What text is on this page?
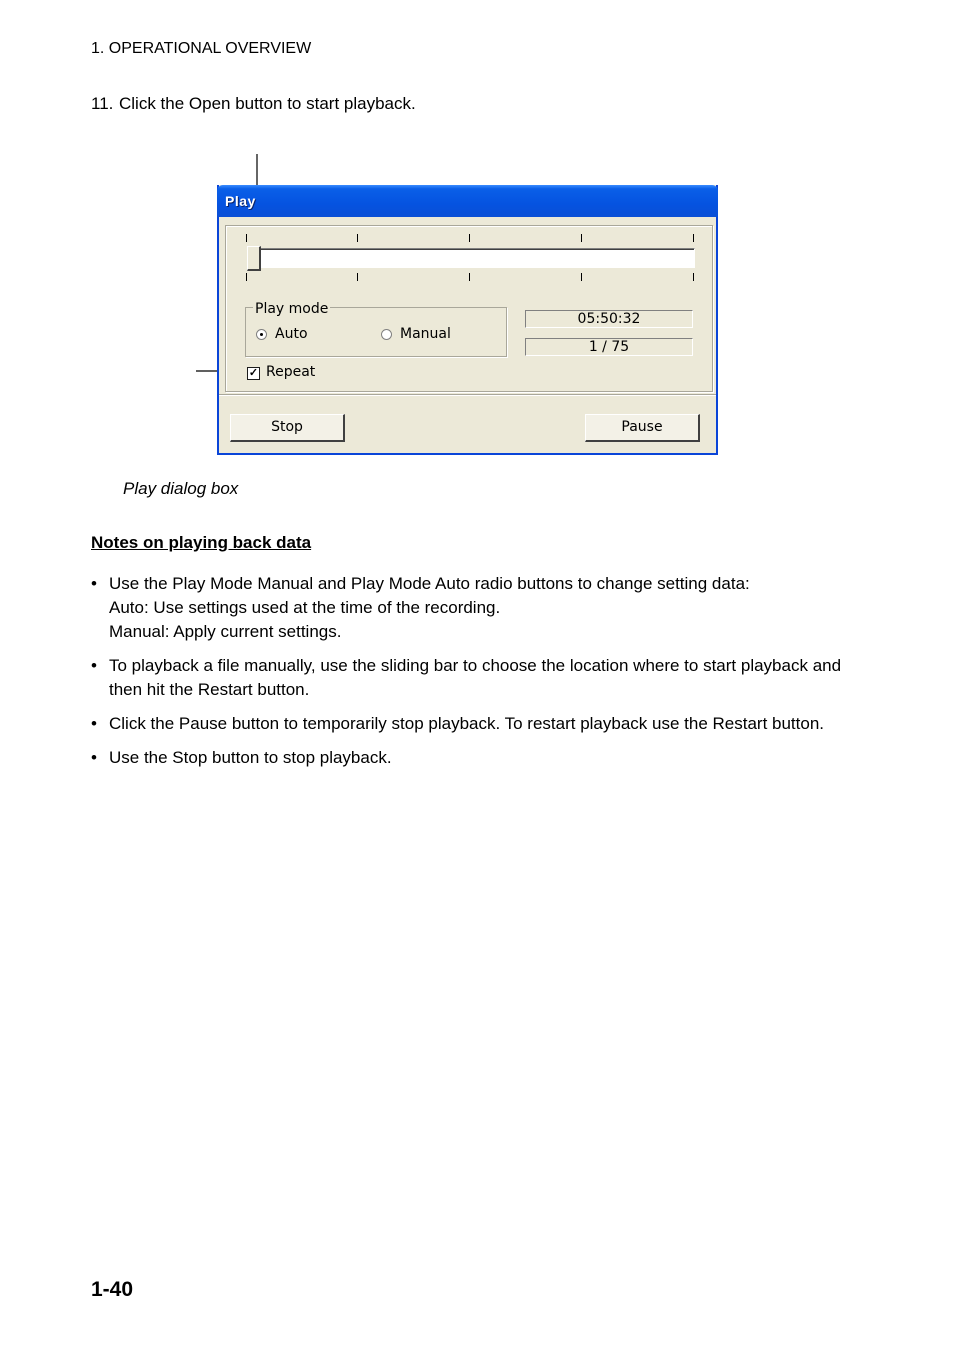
1. OPERATIONAL OVERVIEW
11. Click the Open button to start playback.
Play
Play mode
Auto	Manual
05:50:32
1 / 75
✓ Repeat
Stop	Pause
Play dialog box
Notes on playing back data
• Use the Play Mode Manual and Play Mode Auto radio buttons to change setting data:
Auto: Use settings used at the time of the recording.
Manual: Apply current settings.
• To playback a file manually, use the sliding bar to choose the location where to start playback and then hit the Restart button.
• Click the Pause button to temporarily stop playback. To restart playback use the Restart button.
• Use the Stop button to stop playback.
1-40
